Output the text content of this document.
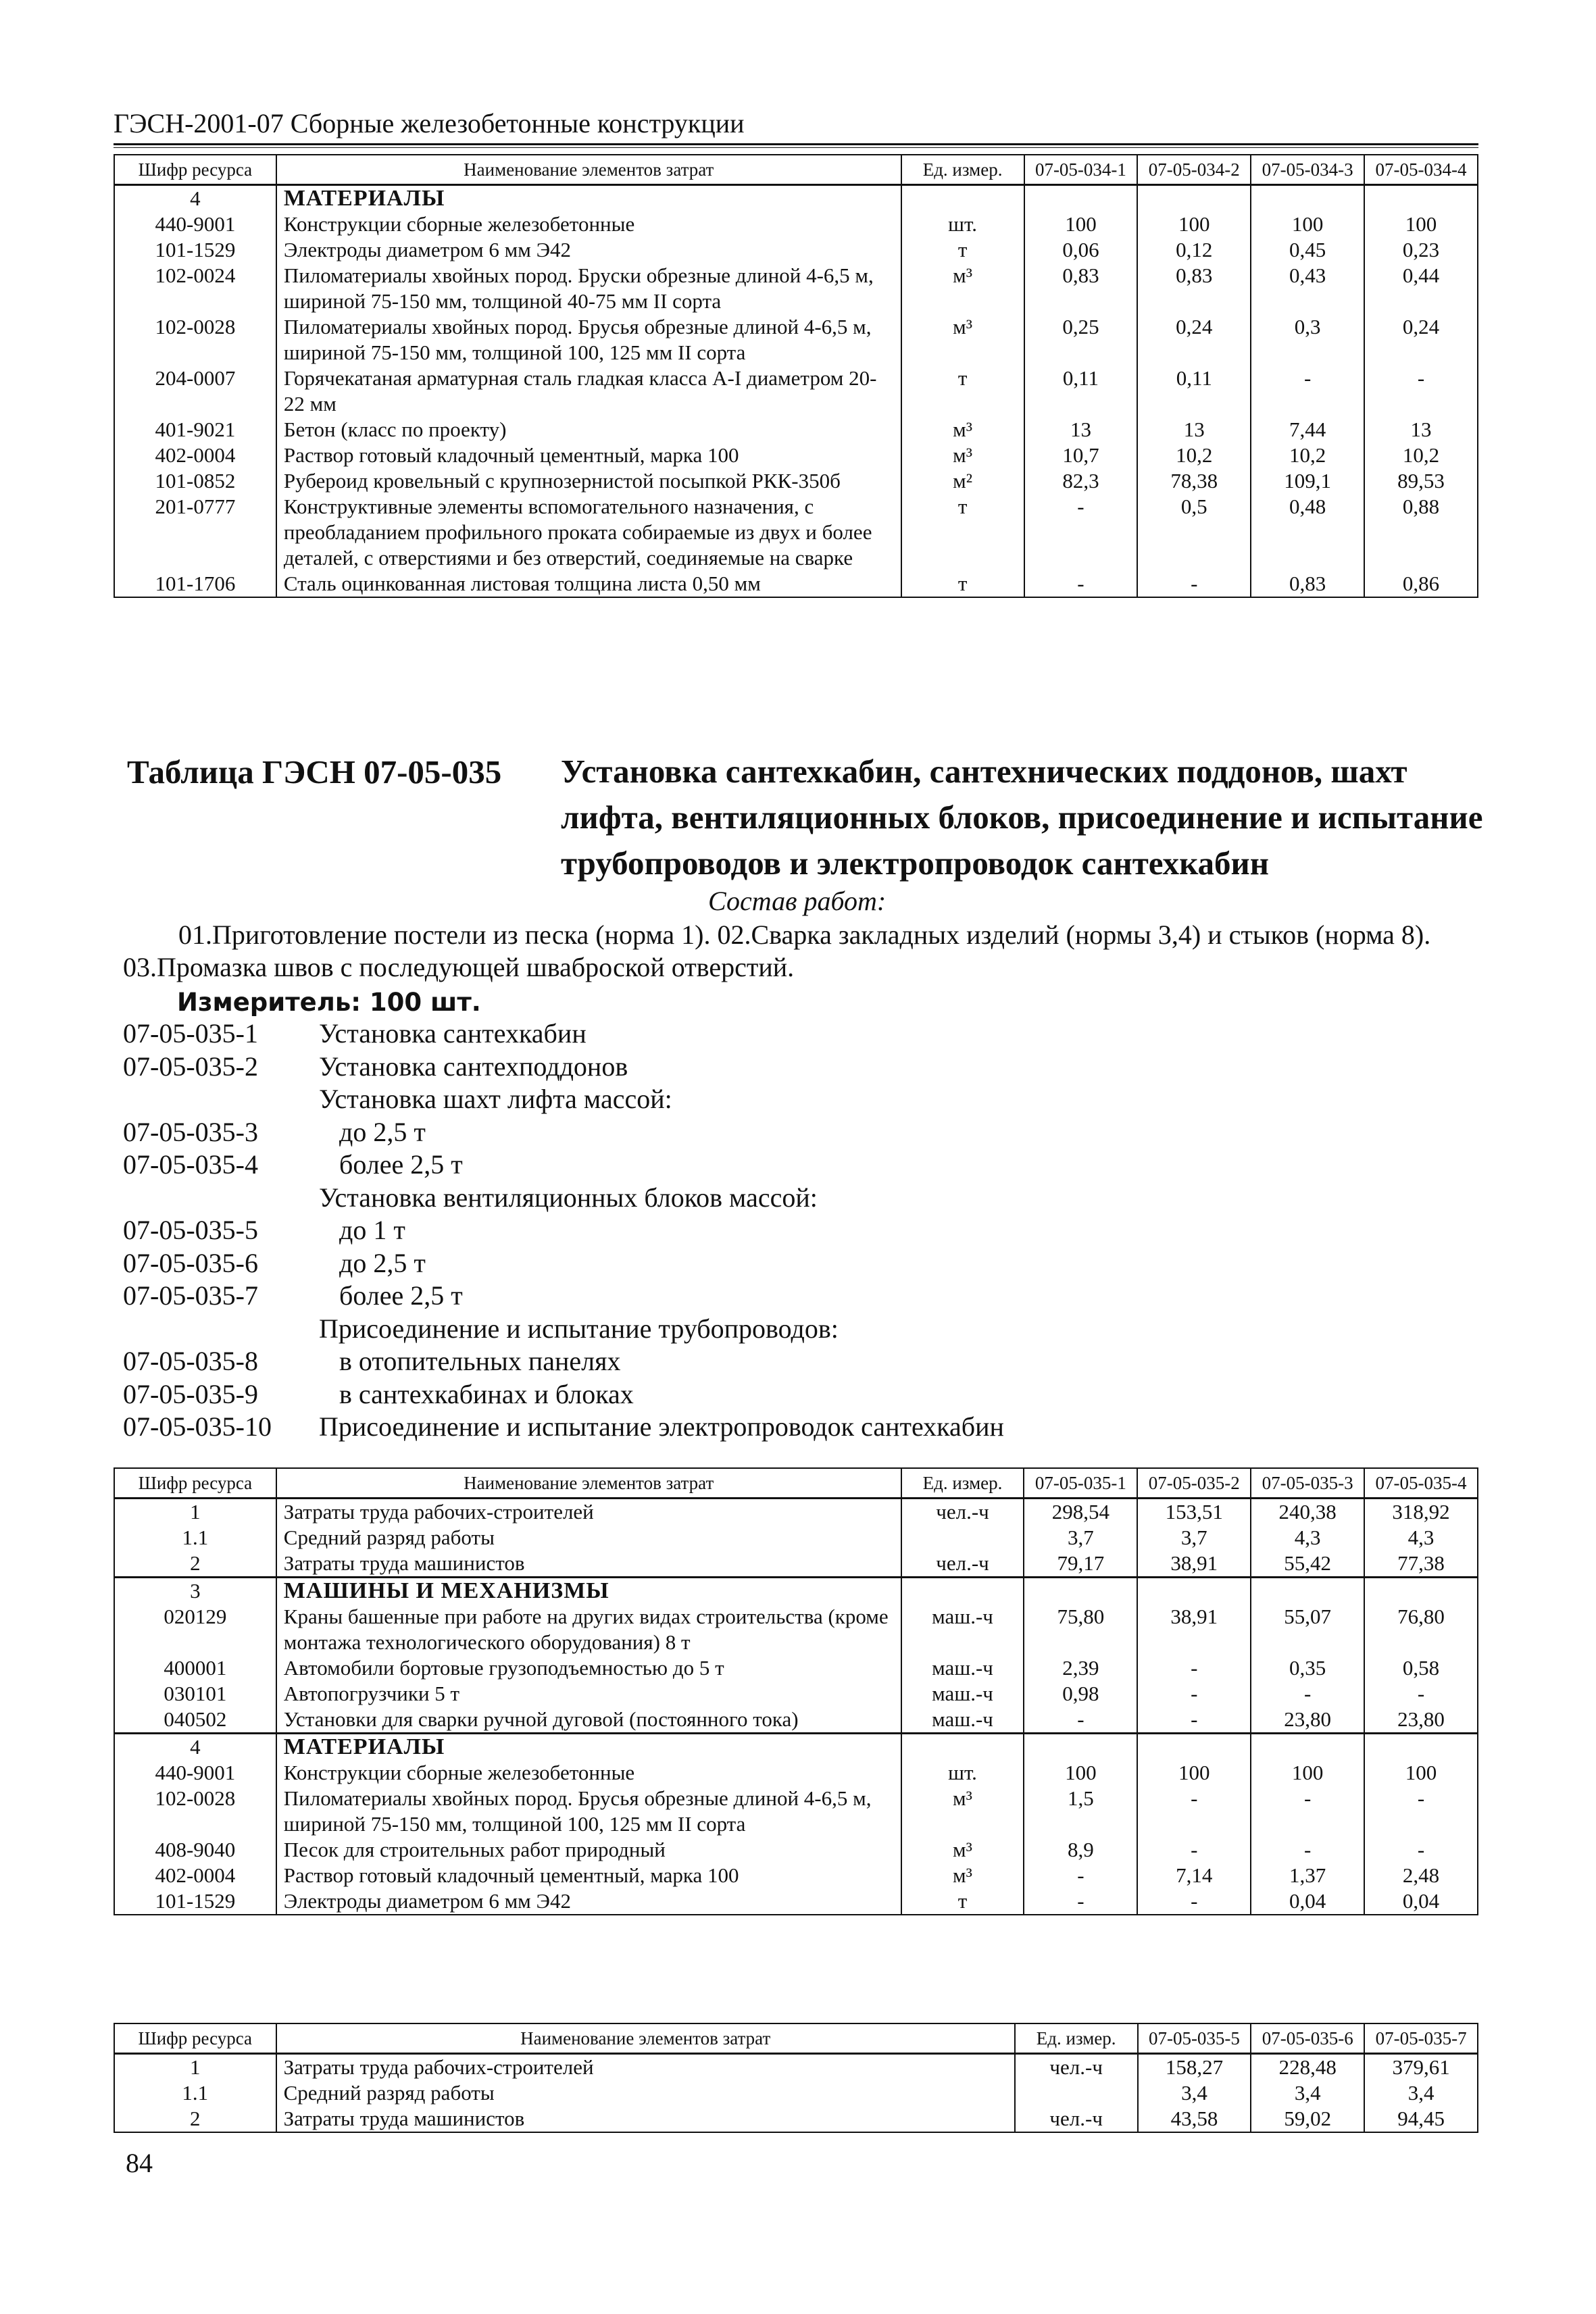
ГЭСН-2001-07 Сборные железобетонные конструкции
Шифр ресурса	Наименование элементов затрат	Ед. измер.	07-05-034-1	07-05-034-2	07-05-034-3	07-05-034-4
4	МАТЕРИАЛЫ					
440-9001	Конструкции сборные железобетонные	шт.	100	100	100	100
101-1529	Электроды диаметром 6 мм Э42	т	0,06	0,12	0,45	0,23
102-0024	Пиломатериалы хвойных пород. Бруски обрезные длиной 4-6,5 м, шириной 75-150 мм, толщиной 40-75 мм II сорта	м³	0,83	0,83	0,43	0,44
102-0028	Пиломатериалы хвойных пород. Брусья обрезные длиной 4-6,5 м, шириной 75-150 мм, толщиной 100, 125 мм II сорта	м³	0,25	0,24	0,3	0,24
204-0007	Горячекатаная арматурная сталь гладкая класса А-I диаметром 20-22 мм	т	0,11	0,11	-	-
401-9021	Бетон (класс по проекту)	м³	13	13	7,44	13
402-0004	Раствор готовый кладочный цементный, марка 100	м³	10,7	10,2	10,2	10,2
101-0852	Рубероид кровельный с крупнозернистой посыпкой РКК-350б	м²	82,3	78,38	109,1	89,53
201-0777	Конструктивные элементы вспомогательного назначения, с преобладанием профильного проката собираемые из двух и более деталей, с отверстиями и без отверстий, соединяемые на сварке	т	-	0,5	0,48	0,88
101-1706	Сталь оцинкованная листовая толщина листа 0,50 мм	т	-	-	0,83	0,86
Таблица ГЭСН 07-05-035 Установка сантехкабин, сантехнических поддонов, шахт лифта, вентиляционных блоков, присоединение и испытание трубопроводов и электропроводок сантехкабин
Состав работ:

01.Приготовление постели из песка (норма 1). 02.Сварка закладных изделий (нормы 3,4) и стыков (норма 8).

03.Промазка швов с последующей шваброской отверстий.

Измеритель: 100 шт.
07-05-035-1	Установка сантехкабин
07-05-035-2	Установка сантехподдонов
Установка шахт лифта массой:
07-05-035-3	до 2,5 т
07-05-035-4	более 2,5 т
Установка вентиляционных блоков массой:
07-05-035-5	до 1 т
07-05-035-6	до 2,5 т
07-05-035-7	более 2,5 т
Присоединение и испытание трубопроводов:
07-05-035-8	в отопительных панелях
07-05-035-9	в сантехкабинах и блоках
07-05-035-10	Присоединение и испытание электропроводок сантехкабин
Шифр ресурса	Наименование элементов затрат	Ед. измер.	07-05-035-1	07-05-035-2	07-05-035-3	07-05-035-4
1	Затраты труда рабочих-строителей	чел.-ч	298,54	153,51	240,38	318,92
1.1	Средний разряд работы		3,7	3,7	4,3	4,3
2	Затраты труда машинистов	чел.-ч	79,17	38,91	55,42	77,38
3	МАШИНЫ И МЕХАНИЗМЫ					
020129	Краны башенные при работе на других видах строительства (кроме монтажа технологического оборудования) 8 т	маш.-ч	75,80	38,91	55,07	76,80
400001	Автомобили бортовые грузоподъемностью до 5 т	маш.-ч	2,39	-	0,35	0,58
030101	Автопогрузчики 5 т	маш.-ч	0,98	-	-	-
040502	Установки для сварки ручной дуговой (постоянного тока)	маш.-ч	-	-	23,80	23,80
4	МАТЕРИАЛЫ					
440-9001	Конструкции сборные железобетонные	шт.	100	100	100	100
102-0028	Пиломатериалы хвойных пород. Брусья обрезные длиной 4-6,5 м, шириной 75-150 мм, толщиной 100, 125 мм II сорта	м³	1,5	-	-	-
408-9040	Песок для строительных работ природный	м³	8,9	-	-	-
402-0004	Раствор готовый кладочный цементный, марка 100	м³	-	7,14	1,37	2,48
101-1529	Электроды диаметром 6 мм Э42	т	-	-	0,04	0,04
Шифр ресурса	Наименование элементов затрат	Ед. измер.	07-05-035-5	07-05-035-6	07-05-035-7
1	Затраты труда рабочих-строителей	чел.-ч	158,27	228,48	379,61
1.1	Средний разряд работы		3,4	3,4	3,4
2	Затраты труда машинистов	чел.-ч	43,58	59,02	94,45
84
